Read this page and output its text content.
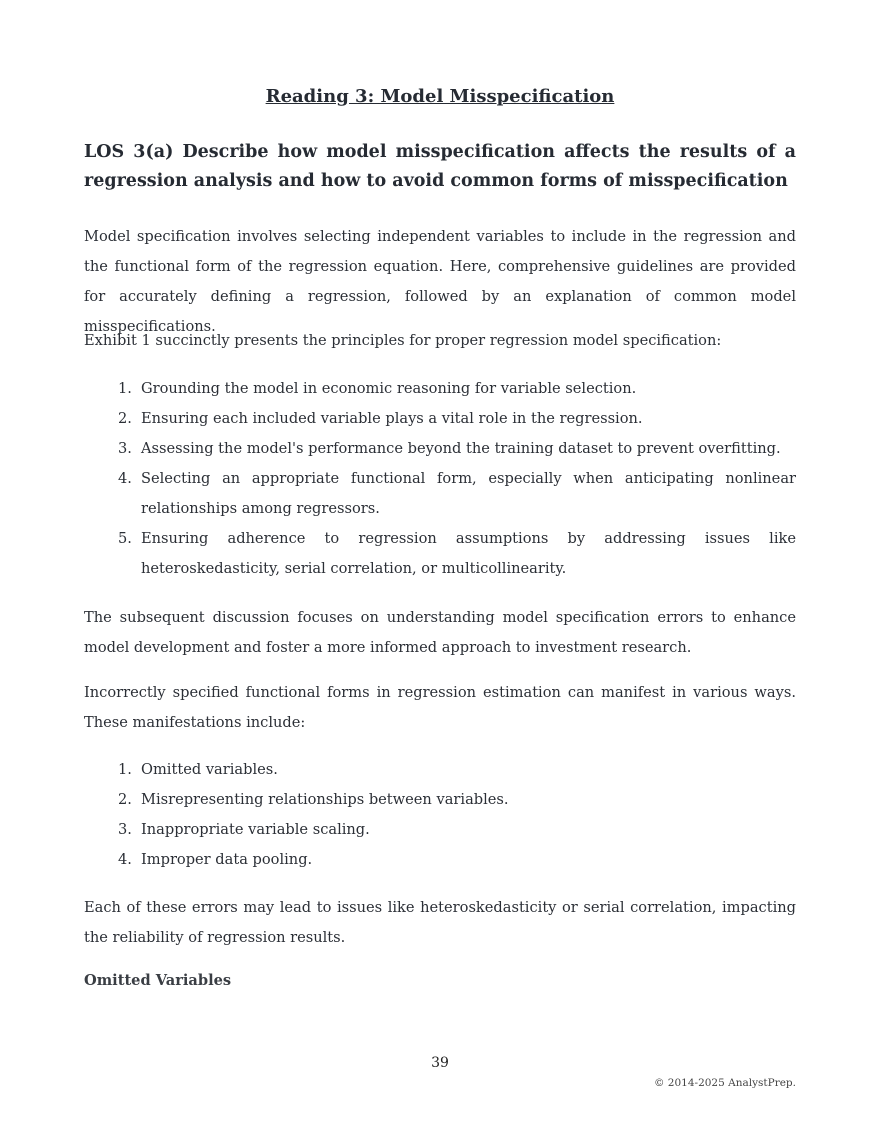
Reading 3: Model Misspecification
LOS 3(a) Describe how model misspecification affects the results of a regression analysis and how to avoid common forms of misspecification

Model specification involves selecting independent variables to include in the regression and the functional form of the regression equation. Here, comprehensive guidelines are provided for accurately defining a regression, followed by an explanation of common model misspecifications.

Exhibit 1 succinctly presents the principles for proper regression model specification:

1. Grounding the model in economic reasoning for variable selection.
2. Ensuring each included variable plays a vital role in the regression.
3. Assessing the model's performance beyond the training dataset to prevent overfitting.
4. Selecting an appropriate functional form, especially when anticipating nonlinear relationships among regressors.
5. Ensuring adherence to regression assumptions by addressing issues like heteroskedasticity, serial correlation, or multicollinearity.

The subsequent discussion focuses on understanding model specification errors to enhance model development and foster a more informed approach to investment research.

Incorrectly specified functional forms in regression estimation can manifest in various ways. These manifestations include:

1. Omitted variables.
2. Misrepresenting relationships between variables.
3. Inappropriate variable scaling.
4. Improper data pooling.

Each of these errors may lead to issues like heteroskedasticity or serial correlation, impacting the reliability of regression results.

Omitted Variables
39
© 2014-2025 AnalystPrep.
